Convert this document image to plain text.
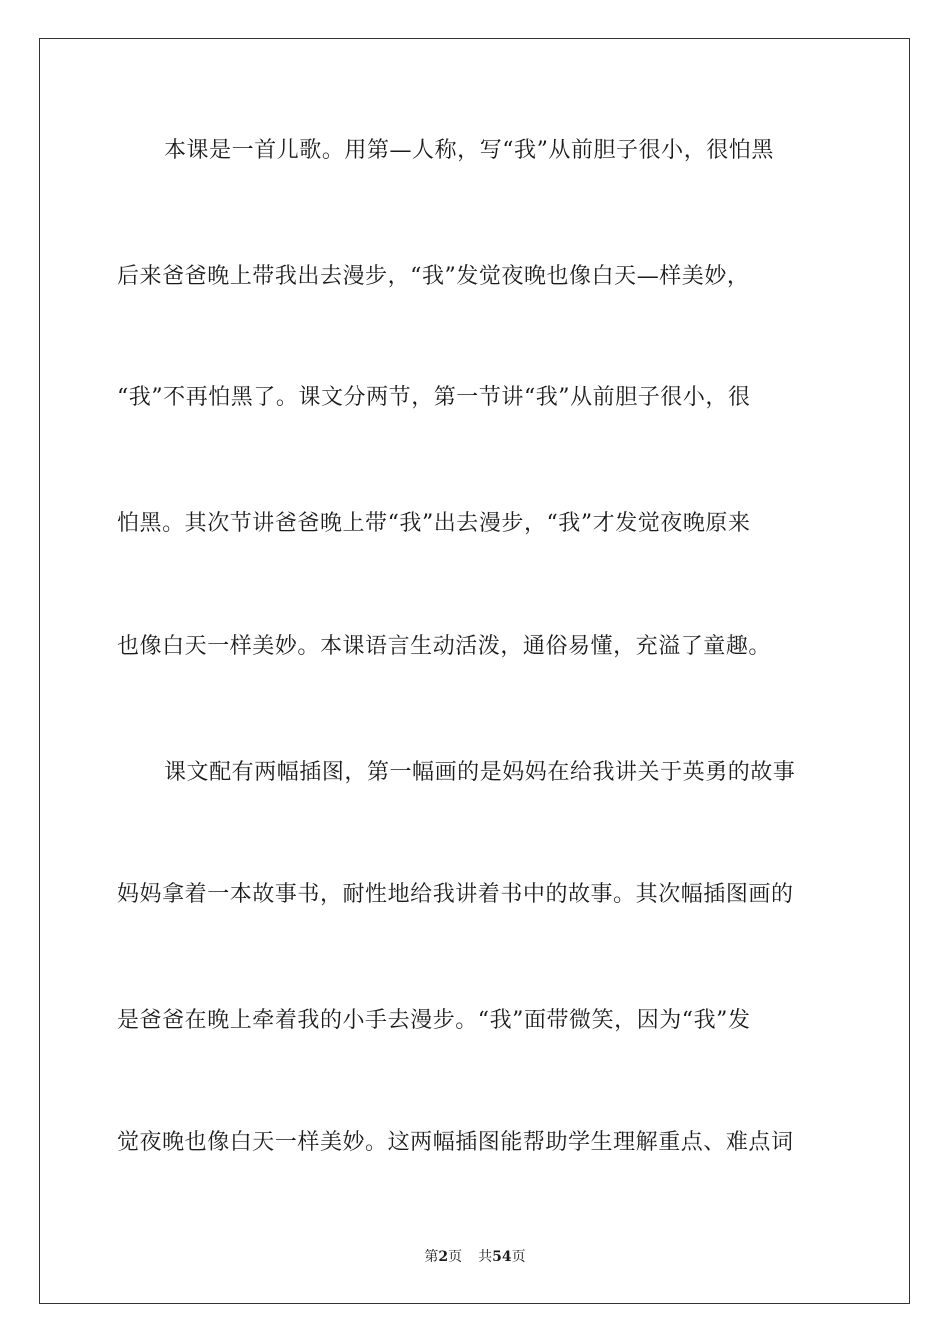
本课是一首儿歌。用第—人称，写“我”从前胆子很小，很怕黑
后来爸爸晚上带我出去漫步，“我”发觉夜晚也像白天—样美妙，
“我”不再怕黑了。课文分两节，第一节讲“我”从前胆子很小，很
怕黑。其次节讲爸爸晚上带“我”出去漫步，“我”才发觉夜晚原来
也像白天一样美妙。本课语言生动活泼，通俗易懂，充溢了童趣。
课文配有两幅插图，第一幅画的是妈妈在给我讲关于英勇的故事
妈妈拿着一本故事书，耐性地给我讲着书中的故事。其次幅插图画的
是爸爸在晚上牵着我的小手去漫步。“我”面带微笑，因为“我”发
觉夜晚也像白天一样美妙。这两幅插图能帮助学生理解重点、难点词
第2页 共54页
